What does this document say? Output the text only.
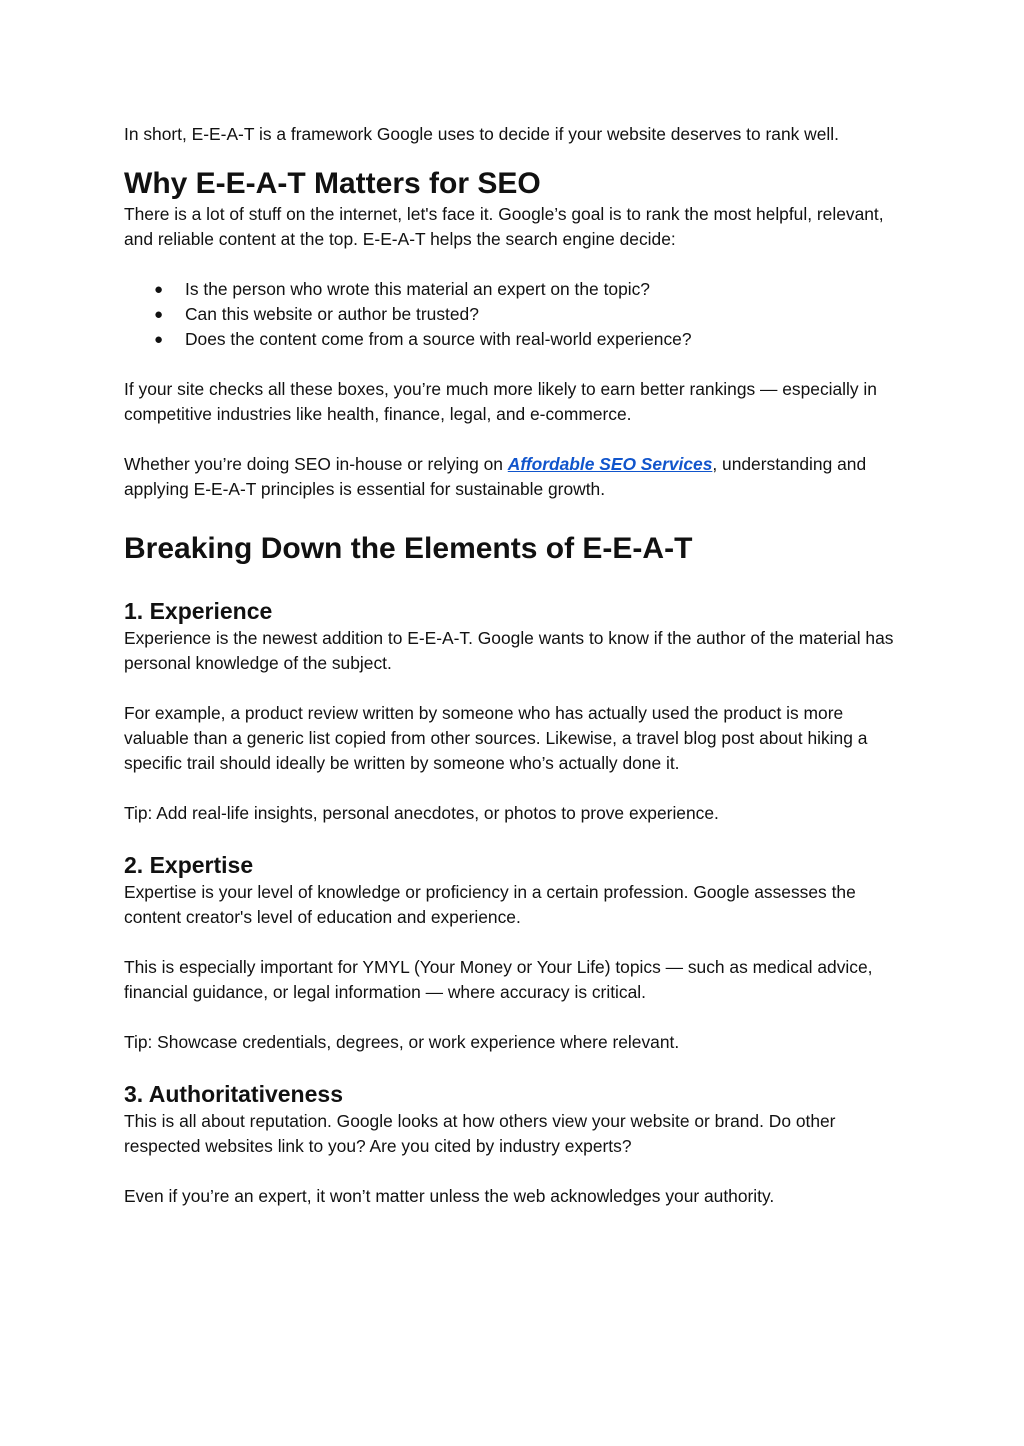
In short, E-E-A-T is a framework Google uses to decide if your website deserves to rank well.

Why E-E-A-T Matters for SEO

There is a lot of stuff on the internet, let's face it. Google’s goal is to rank the most helpful, relevant, and reliable content at the top. E-E-A-T helps the search engine decide:

● Is the person who wrote this material an expert on the topic?
● Can this website or author be trusted?
● Does the content come from a source with real-world experience?

If your site checks all these boxes, you’re much more likely to earn better rankings — especially in competitive industries like health, finance, legal, and e-commerce.

Whether you’re doing SEO in-house or relying on Affordable SEO Services, understanding and applying E-E-A-T principles is essential for sustainable growth.

Breaking Down the Elements of E-E-A-T
1. Experience

Experience is the newest addition to E-E-A-T. Google wants to know if the author of the material has personal knowledge of the subject.

For example, a product review written by someone who has actually used the product is more valuable than a generic list copied from other sources. Likewise, a travel blog post about hiking a specific trail should ideally be written by someone who’s actually done it.

Tip: Add real-life insights, personal anecdotes, or photos to prove experience.

2. Expertise

Expertise is your level of knowledge or proficiency in a certain profession. Google assesses the content creator's level of education and experience.

This is especially important for YMYL (Your Money or Your Life) topics — such as medical advice, financial guidance, or legal information — where accuracy is critical.

Tip: Showcase credentials, degrees, or work experience where relevant.

3. Authoritativeness

This is all about reputation. Google looks at how others view your website or brand. Do other respected websites link to you? Are you cited by industry experts?

Even if you’re an expert, it won’t matter unless the web acknowledges your authority.
